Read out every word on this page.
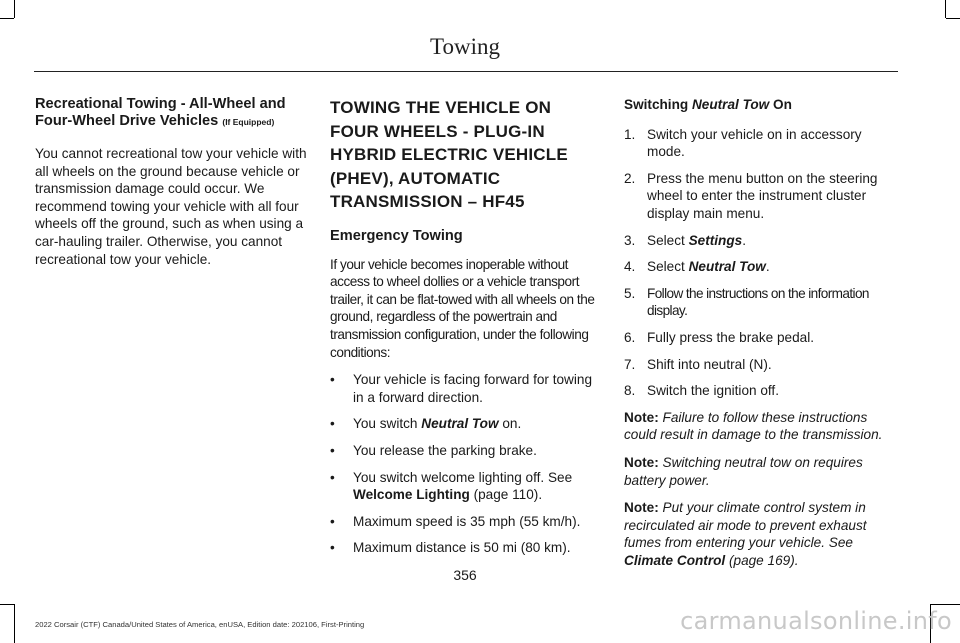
Towing
Recreational Towing - All-Wheel and Four-Wheel Drive Vehicles (If Equipped)

You cannot recreational tow your vehicle with all wheels on the ground because vehicle or transmission damage could occur. We recommend towing your vehicle with all four wheels off the ground, such as when using a car-hauling trailer. Otherwise, you cannot recreational tow your vehicle.

TOWING THE VEHICLE ON FOUR WHEELS - PLUG-IN HYBRID ELECTRIC VEHICLE (PHEV), AUTOMATIC TRANSMISSION – HF45
Emergency Towing

If your vehicle becomes inoperable without access to wheel dollies or a vehicle transport trailer, it can be flat-towed with all wheels on the ground, regardless of the powertrain and transmission configuration, under the following conditions:

• Your vehicle is facing forward for towing in a forward direction.
• You switch Neutral Tow on.
• You release the parking brake.
• You switch welcome lighting off. See Welcome Lighting (page 110).
• Maximum speed is 35 mph (55 km/h).
• Maximum distance is 50 mi (80 km).
Switching Neutral Tow On
1. Switch your vehicle on in accessory mode.
2. Press the menu button on the steering wheel to enter the instrument cluster display main menu.
3. Select Settings.
4. Select Neutral Tow.
5. Follow the instructions on the information display.
6. Fully press the brake pedal.
7. Shift into neutral (N).
8. Switch the ignition off.

Note: Failure to follow these instructions could result in damage to the transmission.

Note: Switching neutral tow on requires battery power.

Note: Put your climate control system in recirculated air mode to prevent exhaust fumes from entering your vehicle. See Climate Control (page 169).

356
2022 Corsair (CTF) Canada/United States of America, enUSA, Edition date: 202106, First-Printing	carmanualsonline.info
